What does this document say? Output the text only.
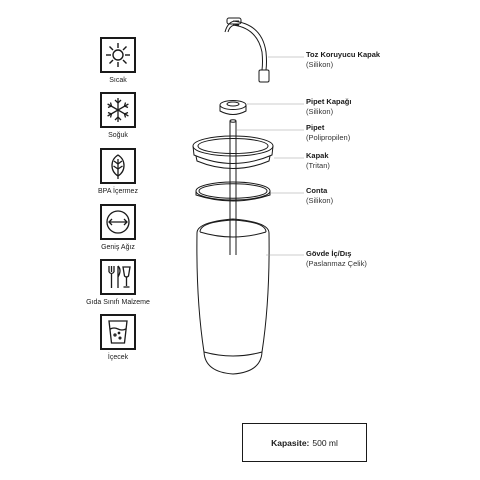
Sıcak
Soğuk
BPA İçermez
Geniş Ağız
Gıda Sınıfı Malzeme
İçecek
Toz Koruyucu Kapak
(Silikon)
Pipet Kapağı
(Silikon)
Pipet
(Polipropilen)
Kapak
(Tritan)
Conta
(Silikon)
Gövde İç/Dış
(Paslanmaz Çelik)
Kapasite: 500 ml
